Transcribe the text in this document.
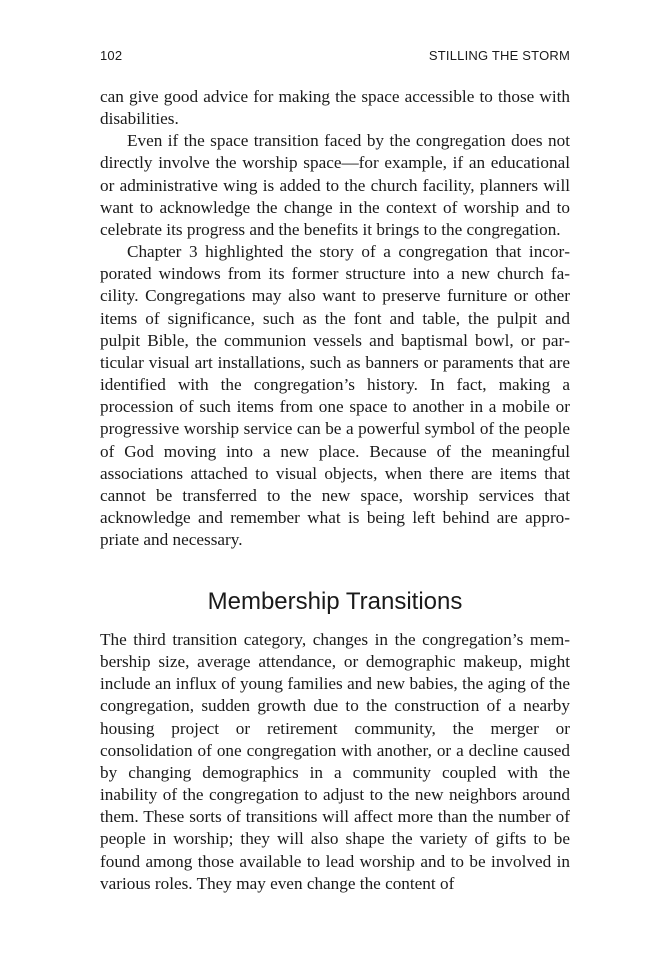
102	STILLING THE STORM

can give good advice for making the space accessible to those with disabilities.

Even if the space transition faced by the congregation does not directly involve the worship space—for example, if an educational or administrative wing is added to the church facility, planners will want to acknowledge the change in the context of worship and to celebrate its progress and the benefits it brings to the congregation.

Chapter 3 highlighted the story of a congregation that incorporated windows from its former structure into a new church facility. Congregations may also want to preserve furniture or other items of significance, such as the font and table, the pulpit and pulpit Bible, the communion vessels and baptismal bowl, or particular visual art installations, such as banners or paraments that are identified with the congregation’s history. In fact, making a procession of such items from one space to another in a mobile or progressive worship service can be a powerful symbol of the people of God moving into a new place. Because of the meaningful associations attached to visual objects, when there are items that cannot be transferred to the new space, worship services that acknowledge and remember what is being left behind are appropriate and necessary.

Membership Transitions

The third transition category, changes in the congregation’s membership size, average attendance, or demographic makeup, might include an influx of young families and new babies, the aging of the congregation, sudden growth due to the construction of a nearby housing project or retirement community, the merger or consolidation of one congregation with another, or a decline caused by changing demographics in a community coupled with the inability of the congregation to adjust to the new neighbors around them. These sorts of transitions will affect more than the number of people in worship; they will also shape the variety of gifts to be found among those available to lead worship and to be involved in various roles. They may even change the content of
